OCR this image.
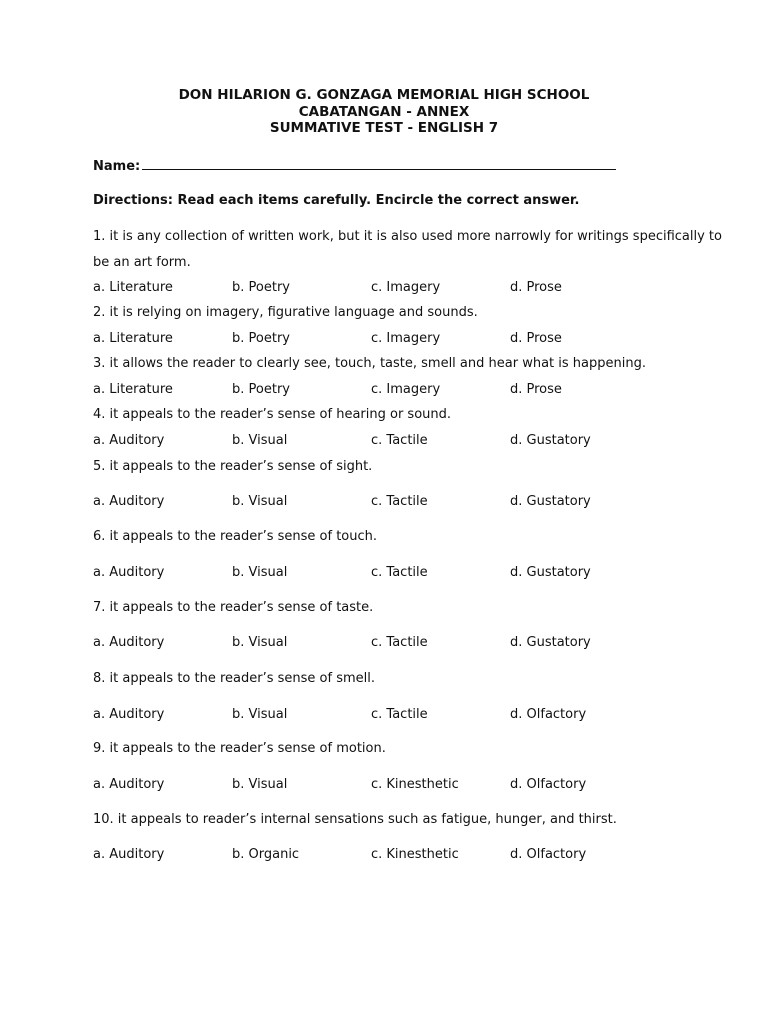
DON HILARION G. GONZAGA MEMORIAL HIGH SCHOOL
CABATANGAN - ANNEX
SUMMATIVE TEST - ENGLISH 7
Name:
Directions: Read each items carefully. Encircle the correct answer.
1. it is any collection of written work, but it is also used more narrowly for writings specifically to
be an art form.
a. Literature	b. Poetry	c. Imagery	d. Prose
2. it is relying on imagery, figurative language and sounds.
a. Literature	b. Poetry	c. Imagery	d. Prose
3. it allows the reader to clearly see, touch, taste, smell and hear what is happening.
a. Literature	b. Poetry	c. Imagery	d. Prose
4. it appeals to the reader’s sense of hearing or sound.
a. Auditory	b. Visual	c. Tactile	d. Gustatory
5. it appeals to the reader’s sense of sight.
a. Auditory	b. Visual	c. Tactile	d. Gustatory
6. it appeals to the reader’s sense of touch.
a. Auditory	b. Visual	c. Tactile	d. Gustatory
7. it appeals to the reader’s sense of taste.
a. Auditory	b. Visual	c. Tactile	d. Gustatory
8. it appeals to the reader’s sense of smell.
a. Auditory	b. Visual	c. Tactile	d. Olfactory
9. it appeals to the reader’s sense of motion.
a. Auditory	b. Visual	c. Kinesthetic	d. Olfactory
10. it appeals to reader’s internal sensations such as fatigue, hunger, and thirst.
a. Auditory	b. Organic	c. Kinesthetic	d. Olfactory
